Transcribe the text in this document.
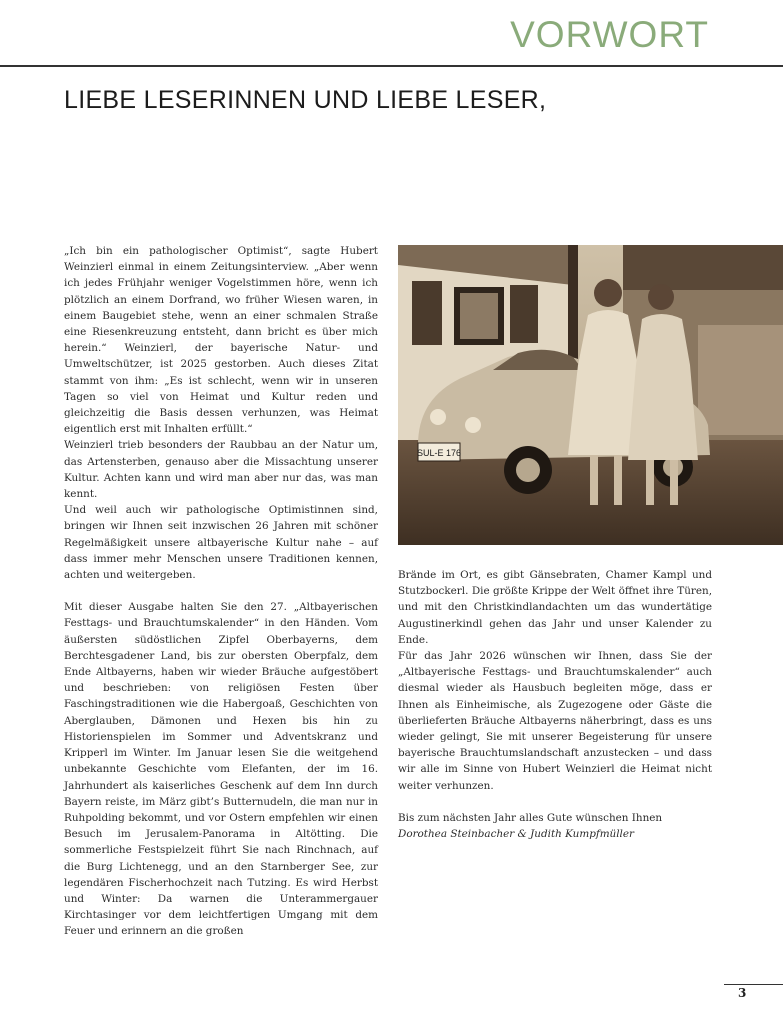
VORWORT
LIEBE LESERINNEN UND LIEBE LESER,

„Ich bin ein pathologischer Optimist“, sagte Hubert Weinzierl einmal in einem Zeitungsinterview. „Aber wenn ich jedes Frühjahr weniger Vogelstimmen höre, wenn ich plötzlich an einem Dorfrand, wo früher Wiesen waren, in einem Baugebiet stehe, wenn an einer schmalen Straße eine Riesenkreuzung entsteht, dann bricht es über mich herein.“ Weinzierl, der bayerische Natur- und Umweltschützer, ist 2025 gestorben. Auch dieses Zitat stammt von ihm: „Es ist schlecht, wenn wir in unseren Tagen so viel von Heimat und Kultur reden und gleichzeitig die Basis dessen verhunzen, was Heimat eigentlich erst mit Inhalten erfüllt.“

Weinzierl trieb besonders der Raubbau an der Natur um, das Artensterben, genauso aber die Missachtung unserer Kultur. Achten kann und wird man aber nur das, was man kennt.

Und weil auch wir pathologische Optimistinnen sind, bringen wir Ihnen seit inzwischen 26 Jahren mit schöner Regelmäßigkeit unsere altbayerische Kultur nahe – auf dass immer mehr Menschen unsere Traditionen kennen, achten und weitergeben.

Mit dieser Ausgabe halten Sie den 27. „Altbayerischen Festtags- und Brauchtumskalender“ in den Händen. Vom äußersten südöstlichen Zipfel Oberbayerns, dem Berchtesgadener Land, bis zur obersten Oberpfalz, dem Ende Altbayerns, haben wir wieder Bräuche aufgestöbert und beschrieben: von religiösen Festen über Faschingstraditionen wie die Habergoaß, Geschichten von Aberglauben, Dämonen und Hexen bis hin zu Historienspielen im Sommer und Adventskranz und Kripperl im Winter. Im Januar lesen Sie die weitgehend unbekannte Geschichte vom Elefanten, der im 16. Jahrhundert als kaiserliches Geschenk auf dem Inn durch Bayern reiste, im März gibt’s Butternudeln, die man nur in Ruhpolding bekommt, und vor Ostern empfehlen wir einen Besuch im Jerusalem-Panorama in Altötting. Die sommerliche Festspielzeit führt Sie nach Rinchnach, auf die Burg Lichtenegg, und an den Starnberger See, zur legendären Fischerhochzeit nach Tutzing. Es wird Herbst und Winter: Da warnen die Unterammergauer Kirchtasinger vor dem leichtfertigen Umgang mit dem Feuer und erinnern an die großen

SUL-E 176

Brände im Ort, es gibt Gänsebraten, Chamer Kampl und Stutzbockerl. Die größte Krippe der Welt öffnet ihre Türen, und mit den Christkindlandachten um das wundertätige Augustinerkindl gehen das Jahr und unser Kalender zu Ende.

Für das Jahr 2026 wünschen wir Ihnen, dass Sie der „Altbayerische Festtags- und Brauchtumskalender“ auch diesmal wieder als Hausbuch begleiten möge, dass er Ihnen als Einheimische, als Zugezogene oder Gäste die überlieferten Bräuche Altbayerns näherbringt, dass es uns wieder gelingt, Sie mit unserer Begeisterung für unsere bayerische Brauchtumslandschaft anzustecken – und dass wir alle im Sinne von Hubert Weinzierl die Heimat nicht weiter verhunzen.

Bis zum nächsten Jahr alles Gute wünschen Ihnen

Dorothea Steinbacher & Judith Kumpfmüller

3
